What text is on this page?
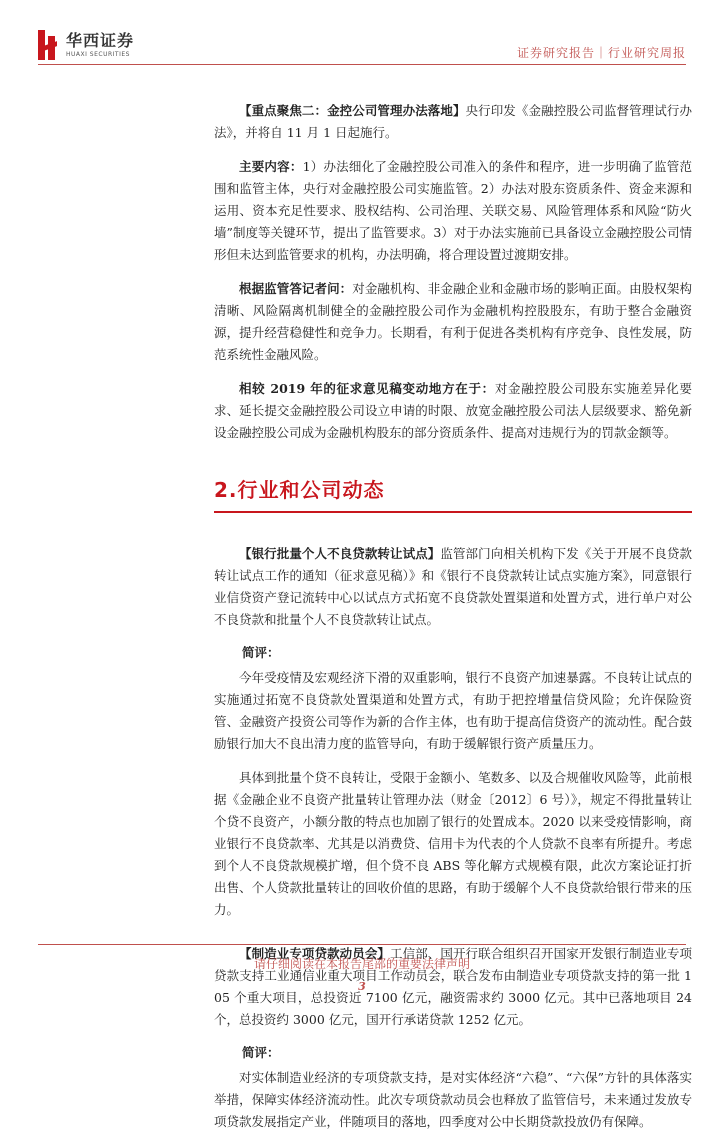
华西证券
HUAXI SECURITIES	证券研究报告｜行业研究周报

【重点聚焦二：金控公司管理办法落地】央行印发《金融控股公司监督管理试行办法》，并将自 11 月 1 日起施行。

主要内容：1）办法细化了金融控股公司准入的条件和程序，进一步明确了监管范围和监管主体，央行对金融控股公司实施监管。2）办法对股东资质条件、资金来源和运用、资本充足性要求、股权结构、公司治理、关联交易、风险管理体系和风险“防火墙”制度等关键环节，提出了监管要求。3）对于办法实施前已具备设立金融控股公司情形但未达到监管要求的机构，办法明确，将合理设置过渡期安排。

根据监管答记者问：对金融机构、非金融企业和金融市场的影响正面。由股权架构清晰、风险隔离机制健全的金融控股公司作为金融机构控股股东，有助于整合金融资源，提升经营稳健性和竞争力。长期看，有利于促进各类机构有序竞争、良性发展，防范系统性金融风险。

相较 2019 年的征求意见稿变动地方在于：对金融控股公司股东实施差异化要求、延长提交金融控股公司设立申请的时限、放宽金融控股公司法人层级要求、豁免新设金融控股公司成为金融机构股东的部分资质条件、提高对违规行为的罚款金额等。

2.行业和公司动态

【银行批量个人不良贷款转让试点】监管部门向相关机构下发《关于开展不良贷款转让试点工作的通知（征求意见稿）》和《银行不良贷款转让试点实施方案》，同意银行业信贷资产登记流转中心以试点方式拓宽不良贷款处置渠道和处置方式，进行单户对公不良贷款和批量个人不良贷款转让试点。

简评：

今年受疫情及宏观经济下滑的双重影响，银行不良资产加速暴露。不良转让试点的实施通过拓宽不良贷款处置渠道和处置方式，有助于把控增量信贷风险；允许保险资管、金融资产投资公司等作为新的合作主体，也有助于提高信贷资产的流动性。配合鼓励银行加大不良出清力度的监管导向，有助于缓解银行资产质量压力。

具体到批量个贷不良转让，受限于金额小、笔数多、以及合规催收风险等，此前根据《金融企业不良资产批量转让管理办法（财金〔2012〕6 号）》，规定不得批量转让个贷不良资产，小额分散的特点也加剧了银行的处置成本。2020 以来受疫情影响，商业银行不良贷款率、尤其是以消费贷、信用卡为代表的个人贷款不良率有所提升。考虑到个人不良贷款规模扩增，但个贷不良 ABS 等化解方式规模有限，此次方案论证打折出售、个人贷款批量转让的回收价值的思路，有助于缓解个人不良贷款给银行带来的压力。

【制造业专项贷款动员会】工信部、国开行联合组织召开国家开发银行制造业专项贷款支持工业通信业重大项目工作动员会，联合发布由制造业专项贷款支持的第一批 105 个重大项目，总投资近 7100 亿元，融资需求约 3000 亿元。其中已落地项目 24 个，总投资约 3000 亿元，国开行承诺贷款 1252 亿元。

简评：

对实体制造业经济的专项贷款支持，是对实体经济“六稳”、“六保”方针的具体落实举措，保障实体经济流动性。此次专项贷款动员会也释放了监管信号，未来通过发放专项贷款发展指定产业，伴随项目的落地，四季度对公中长期贷款投放仍有保障。

请仔细阅读在本报告尾部的重要法律声明
3
